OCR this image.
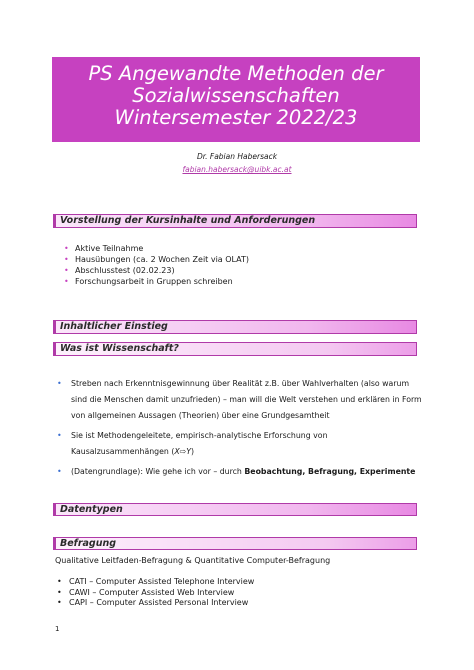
PS Angewandte Methoden der
Sozialwissenschaften
Wintersemester 2022/23
Dr. Fabian Habersack
fabian.habersack@uibk.ac.at
Vorstellung der Kursinhalte und Anforderungen
• Aktive Teilnahme
• Hausübungen (ca. 2 Wochen Zeit via OLAT)
• Abschlusstest (02.02.23)
• Forschungsarbeit in Gruppen schreiben
Inhaltlicher Einstieg
Was ist Wissenschaft?
• Streben nach Erkenntnisgewinnung über Realität z.B. über Wahlverhalten (also warum sind die Menschen damit unzufrieden) – man will die Welt verstehen und erklären in Form von allgemeinen Aussagen (Theorien) über eine Grundgesamtheit
• Sie ist Methodengeleitete, empirisch-analytische Erforschung von Kausalzusammenhängen (X⇨Y)
• (Datengrundlage): Wie gehe ich vor – durch Beobachtung, Befragung, Experimente
Datentypen
Befragung
Qualitative Leitfaden-Befragung & Quantitative Computer-Befragung
• CATI – Computer Assisted Telephone Interview
• CAWI – Computer Assisted Web Interview
• CAPI – Computer Assisted Personal Interview
1
